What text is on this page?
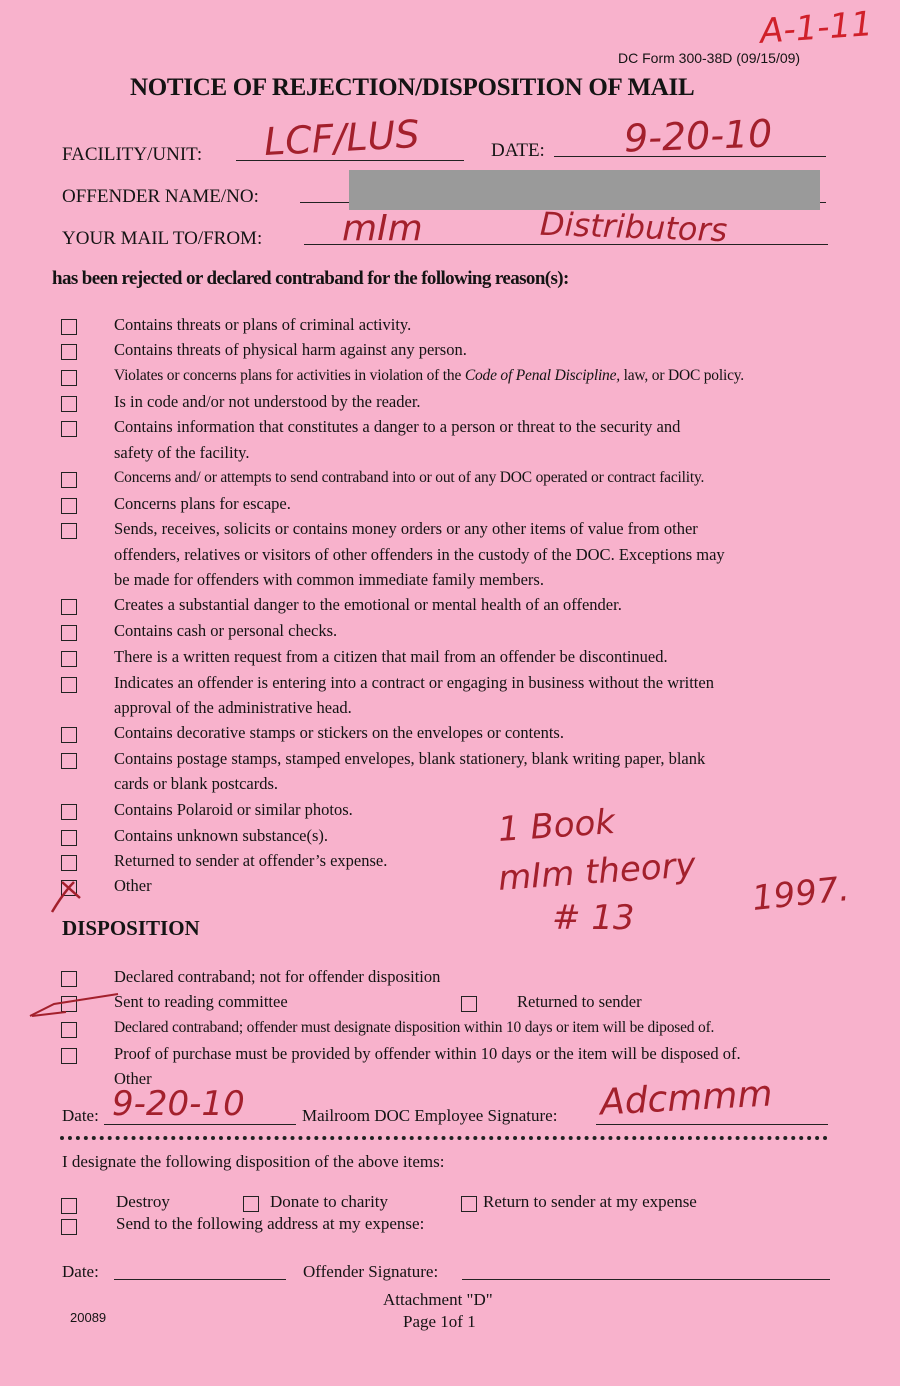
A-1-11
DC Form 300-38D (09/15/09)
NOTICE OF REJECTION/DISPOSITION OF MAIL
FACILITY/UNIT: LCF/LUS	DATE: 9-20-10
OFFENDER NAME/NO:
YOUR MAIL TO/FROM: mIm	Distributors
has been rejected or declared contraband for the following reason(s):
Contains threats or plans of criminal activity.
Contains threats of physical harm against any person.
Violates or concerns plans for activities in violation of the Code of Penal Discipline, law, or DOC policy.
Is in code and/or not understood by the reader.
Contains information that constitutes a danger to a person or threat to the security and
safety of the facility.
Concerns and/ or attempts to send contraband into or out of any DOC operated or contract facility.
Concerns plans for escape.
Sends, receives, solicits or contains money orders or any other items of value from other
offenders, relatives or visitors of other offenders in the custody of the DOC. Exceptions may
be made for offenders with common immediate family members.
Creates a substantial danger to the emotional or mental health of an offender.
Contains cash or personal checks.
There is a written request from a citizen that mail from an offender be discontinued.
Indicates an offender is entering into a contract or engaging in business without the written
approval of the administrative head.
Contains decorative stamps or stickers on the envelopes or contents.
Contains postage stamps, stamped envelopes, blank stationery, blank writing paper, blank
cards or blank postcards.
Contains Polaroid or similar photos.
Contains unknown substance(s).
Returned to sender at offender’s expense.
Other
1 Book
mIm theory
# 13	1997.
DISPOSITION
Declared contraband; not for offender disposition
Sent to reading committee	Returned to sender
Declared contraband; offender must designate disposition within 10 days or item will be diposed of.
Proof of purchase must be provided by offender within 10 days or the item will be disposed of.
Other
Date: 9-20-10	Mailroom DOC Employee Signature: Adcmmm
I designate the following disposition of the above items:
Destroy	Donate to charity	Return to sender at my expense
Send to the following address at my expense:
Date:	Offender Signature:
20089
Attachment "D"
Page 1of 1
